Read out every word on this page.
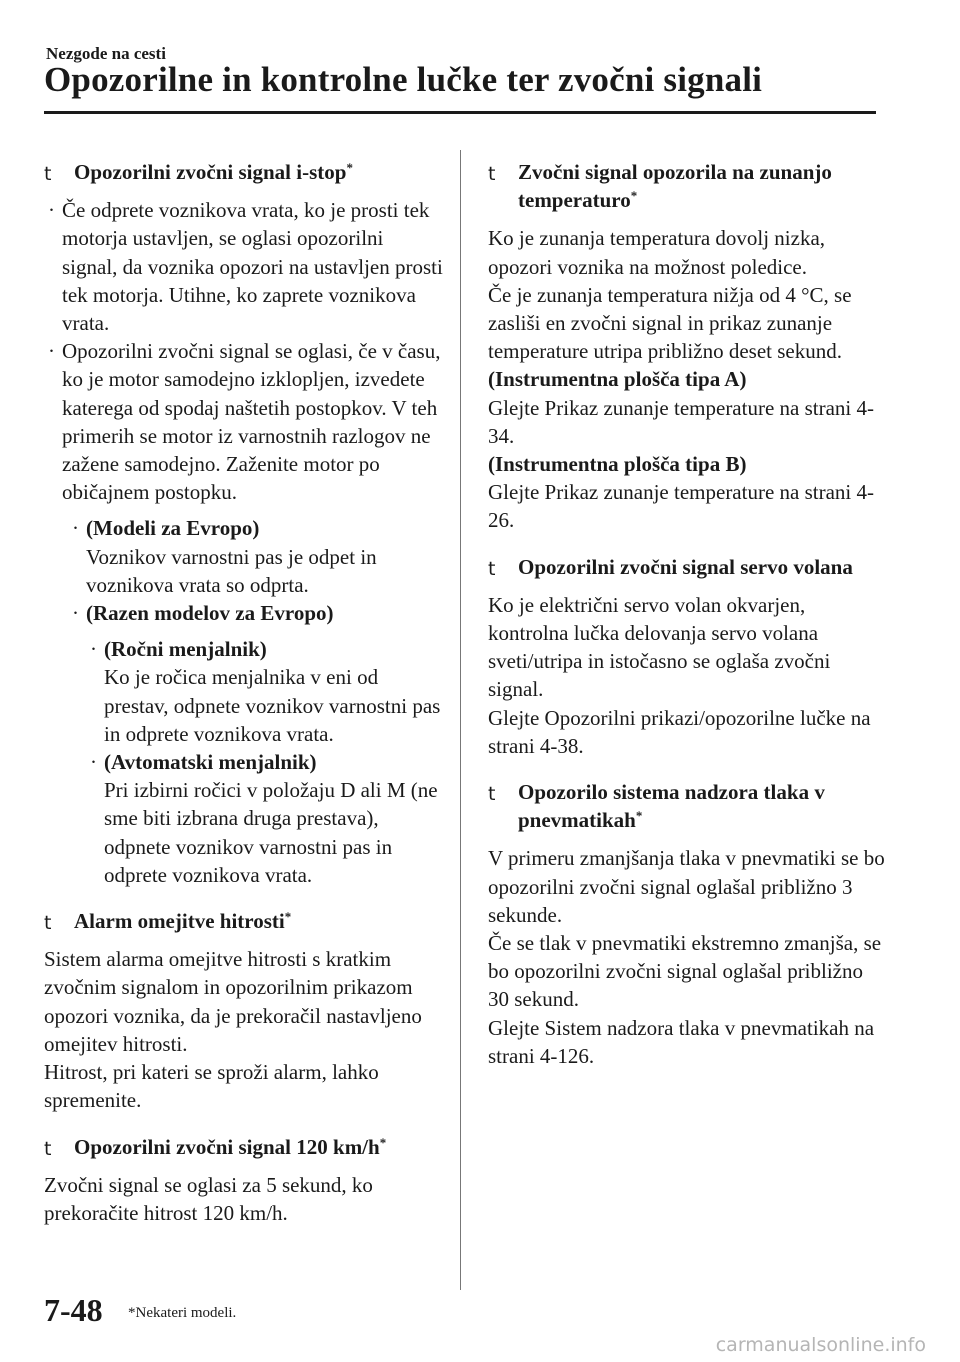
Nezgode na cesti
Opozorilne in kontrolne lučke ter zvočni signali
t Opozorilni zvočni signal i-stop*
· Če odprete voznikova vrata, ko je prosti tek motorja ustavljen, se oglasi opozorilni signal, da voznika opozori na ustavljen prosti tek motorja. Utihne, ko zaprete voznikova vrata.
· Opozorilni zvočni signal se oglasi, če v času, ko je motor samodejno izklopljen, izvedete katerega od spodaj naštetih postopkov. V teh primerih se motor iz varnostnih razlogov ne zažene samodejno. Zaženite motor po običajnem postopku.
· (Modeli za Evropo)
Voznikov varnostni pas je odpet in voznikova vrata so odprta.
· (Razen modelov za Evropo)
· (Ročni menjalnik)
Ko je ročica menjalnika v eni od prestav, odpnete voznikov varnostni pas in odprete voznikova vrata.
· (Avtomatski menjalnik)
Pri izbirni ročici v položaju D ali M (ne sme biti izbrana druga prestava), odpnete voznikov varnostni pas in odprete voznikova vrata.
t Alarm omejitve hitrosti*

Sistem alarma omejitve hitrosti s kratkim zvočnim signalom in opozorilnim prikazom opozori voznika, da je prekoračil nastavljeno omejitev hitrosti.

Hitrost, pri kateri se sproži alarm, lahko spremenite.

t Opozorilni zvočni signal 120 km/h*

Zvočni signal se oglasi za 5 sekund, ko prekoračite hitrost 120 km/h.

t Zvočni signal opozorila na zunanjo temperaturo*

Ko je zunanja temperatura dovolj nizka, opozori voznika na možnost poledice.

Če je zunanja temperatura nižja od 4 °C, se zasliši en zvočni signal in prikaz zunanje temperature utripa približno deset sekund.

(Instrumentna plošča tipa A)

Glejte Prikaz zunanje temperature na strani 4-34.

(Instrumentna plošča tipa B)

Glejte Prikaz zunanje temperature na strani 4-26.

t Opozorilni zvočni signal servo volana

Ko je električni servo volan okvarjen, kontrolna lučka delovanja servo volana sveti/utripa in istočasno se oglaša zvočni signal.

Glejte Opozorilni prikazi/opozorilne lučke na strani 4-38.

t Opozorilo sistema nadzora tlaka v pnevmatikah*

V primeru zmanjšanja tlaka v pnevmatiki se bo opozorilni zvočni signal oglašal približno 3 sekunde.

Če se tlak v pnevmatiki ekstremno zmanjša, se bo opozorilni zvočni signal oglašal približno 30 sekund.

Glejte Sistem nadzora tlaka v pnevmatikah na strani 4-126.

7-48 *Nekateri modeli.
carmanualsonline.info
